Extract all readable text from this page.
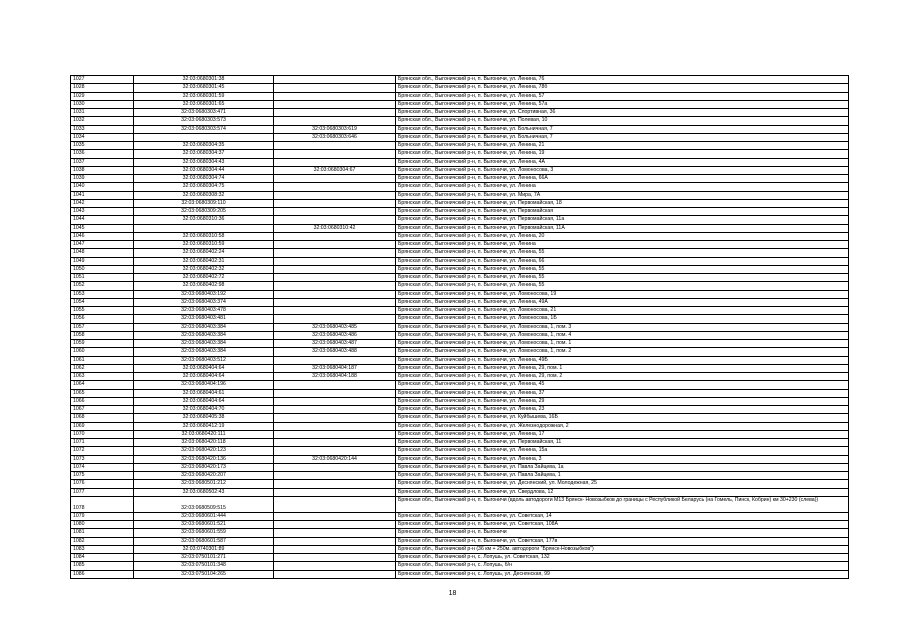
1027	32:03:0680301:38		Брянская обл., Выгоничский р-н, п. Выгоничи, ул. Ленина, 76
1028	32:03:0680301:45		Брянская обл., Выгоничский р-н, п. Выгоничи, ул. Ленина, 78б
1029	32:03:0680301:59		Брянская обл., Выгоничский р-н, п. Выгоничи, ул. Ленина, 57
1030	32:03:0680301:65		Брянская обл., Выгоничский р-н, п. Выгоничи, ул. Ленина, 57а
1031	32:03:0680303:471		Брянская обл., Выгоничский р-н, п. Выгоничи, ул. Спортивная, 36
1032	32:03:0680303:573		Брянская обл., Выгоничский р-н, п. Выгоничи, ул. Полевая, 10
1033	32:03:0680303:574	32:03:0680303:619	Брянская обл., Выгоничский р-н, п. Выгоничи, ул. Больничная, 7
1034		32:03:0680303:646	Брянская обл., Выгоничский р-н, п. Выгоничи, ул. Больничная, 7
1035	32:03:0680304:35		Брянская обл., Выгоничский р-н, п. Выгоничи, ул. Ленина, 21
1036	32:03:0680304:37		Брянская обл., Выгоничский р-н, п. Выгоничи, ул. Ленина, 19
1037	32:03:0680304:43		Брянская обл., Выгоничский р-н, п. Выгоничи, ул. Ленина, 4А
1038	32:03:0680304:44	32:03:0680304:67	Брянская обл., Выгоничский р-н, п. Выгоничи, ул. Ломоносова, 3
1039	32:03:0680304:74		Брянская обл., Выгоничский р-н, п. Выгоничи, ул. Ленина, 66А
1040	32:03:0680304:75		Брянская обл., Выгоничский р-н, п. Выгоничи, ул. Ленина
1041	32:03:0680308:32		Брянская обл., Выгоничский р-н, п. Выгоничи, ул. Мира, 7А
1042	32:03:0680309:110		Брянская обл., Выгоничский р-н, п. Выгоничи, ул. Первомайская, 18
1043	32:03:0680309:205		Брянская обл., Выгоничский р-н, п. Выгоничи, ул. Первомайская
1044	32:03:0680310:36		Брянская обл., Выгоничский р-н, п. Выгоничи, ул. Первомайская, 11а
1045		32:03:0680310:42	Брянская обл., Выгоничский р-н, п. Выгоничи, ул. Первомайская, 11А
1046	32:03:0680310:58		Брянская обл., Выгоничский р-н, п. Выгоничи, ул. Ленина, 20
1047	32:03:0680310:59		Брянская обл., Выгоничский р-н, п. Выгоничи, ул. Ленина
1048	32:03:0680402:24		Брянская обл., Выгоничский р-н, п. Выгоничи, ул. Ленина, 55
1049	32:03:0680402:31		Брянская обл., Выгоничский р-н, п. Выгоничи, ул. Ленина, 66
1050	32:03:0680402:32		Брянская обл., Выгоничский р-н, п. Выгоничи, ул. Ленина, 55
1051	32:03:0680402:72		Брянская обл., Выгоничский р-н, п. Выгоничи, ул. Ленина, 55
1052	32:03:0680402:98		Брянская обл., Выгоничский р-н, п. Выгоничи, ул. Ленина, 55
1053	32:03:0680403:192		Брянская обл., Выгоничский р-н, п. Выгоничи, ул. Ломоносова, 19
1054	32:03:0680403:374		Брянская обл., Выгоничский р-н, п. Выгоничи, ул. Ленина, 49А
1055	32:03:0680403:478		Брянская обл., Выгоничский р-н, п. Выгоничи, ул. Ломоносова, 21
1056	32:03:0680403:481		Брянская обл., Выгоничский р-н, п. Выгоничи, ул. Ломоносова, 1Б
1057	32:03:0680403:384	32:03:0680403:485	Брянская обл., Выгоничский р-н, п. Выгоничи, ул. Ломоносова, 1, пом. 3
1058	32:03:0680403:384	32:03:0680403:486	Брянская обл., Выгоничский р-н, п. Выгоничи, ул. Ломоносова, 1, пом. 4
1059	32:03:0680403:384	32:03:0680403:487	Брянская обл., Выгоничский р-н, п. Выгоничи, ул. Ломоносова, 1, пом. 1
1060	32:03:0680403:384	32:03:0680403:488	Брянская обл., Выгоничский р-н, п. Выгоничи, ул. Ломоносова, 1, пом. 2
1061	32:03:0680403:512		Брянская обл., Выгоничский р-н, п. Выгоничи, ул. Ленина, 49Б
1062	32:03:0680404:64	32:03:0680404:187	Брянская обл., Выгоничский р-н, п. Выгоничи, ул. Ленина, 29, пом. 1
1063	32:03:0680404:64	32:03:0680404:188	Брянская обл., Выгоничский р-н, п. Выгоничи, ул. Ленина, 29, пом. 2
1064	32:03:0680404:196		Брянская обл., Выгоничский р-н, п. Выгоничи, ул. Ленина, 45
1065	32:03:0680404:61		Брянская обл., Выгоничский р-н, п. Выгоничи, ул. Ленина, 37
1066	32:03:0680404:64		Брянская обл., Выгоничский р-н, п. Выгоничи, ул. Ленина, 29
1067	32:03:0680404:70		Брянская обл., Выгоничский р-н, п. Выгоничи, ул. Ленина, 23
1068	32:03:0680405:38		Брянская обл., Выгоничский р-н, п. Выгоничи, ул. Куйбышева, 16Б
1069	32:03:0680412:19		Брянская обл., Выгоничский р-н, п. Выгоничи, ул. Железнодорожная, 2
1070	32:03:0680420:111		Брянская обл., Выгоничский р-н, п. Выгоничи, ул. Ленина, 17
1071	32:03:0680420:118		Брянская обл., Выгоничский р-н, п. Выгоничи, ул. Первомайская, 11
1072	32:03:0680420:123		Брянская обл., Выгоничский р-н, п. Выгоничи, ул. Ленина, 15а
1073	32:03:0680420:136	32:03:0680420:144	Брянская обл., Выгоничский р-н, п. Выгоничи, ул. Ленина, 3
1074	32:03:0680420:173		Брянская обл., Выгоничский р-н, п. Выгоничи, ул. Павла Зайцева, 1а
1075	32:03:0680420:207		Брянская обл., Выгоничский р-н, п. Выгоничи, ул. Павла Зайцева, 1
1076	32:03:0680501:212		Брянская обл., Выгоничский р-н, п. Выгоничи, ул. Деснянский, ул. Молодежная, 25
1077	32:03:0680502:43		Брянская обл., Выгоничский р-н, п. Выгоничи, ул. Свердлова, 12
1078	32:03:0680509:515		Брянская обл., Выгоничский р-н, п. Выгоничи (вдоль автодороги М13 Брянск- Новозыбков до границы с Республикой Беларусь (на Гомель, Пинск, Кобрин) км 30+230 (слева))
1079	32:03:0680601:444		Брянская обл., Выгоничский р-н, п. Выгоничи, ул. Советская, 14
1080	32:03:0680601:521		Брянская обл., Выгоничский р-н, п. Выгоничи, ул. Советская, 108А
1081	32:03:0680601:559		Брянская обл., Выгоничский р-н, п. Выгоничи
1082	32:03:0680601:587		Брянская обл., Выгоничский р-н, п. Выгоничи, ул. Советская, 177в
1083	32:03:0740301:89		Брянская обл., Выгоничский р-н (36 км + 250м. автодороги "Брянск-Новозыбков")
1084	32:03:0750101:271		Брянская обл., Выгоничский р-н, с. Лопушь, ул. Советская, 132
1085	32:03:0750101:348		Брянская обл., Выгоничский р-н, с. Лопушь, б/н
1086	32:03:0750104:265		Брянская обл., Выгоничский р-н, с. Лопушь, ул. Деснянская, 99
18
